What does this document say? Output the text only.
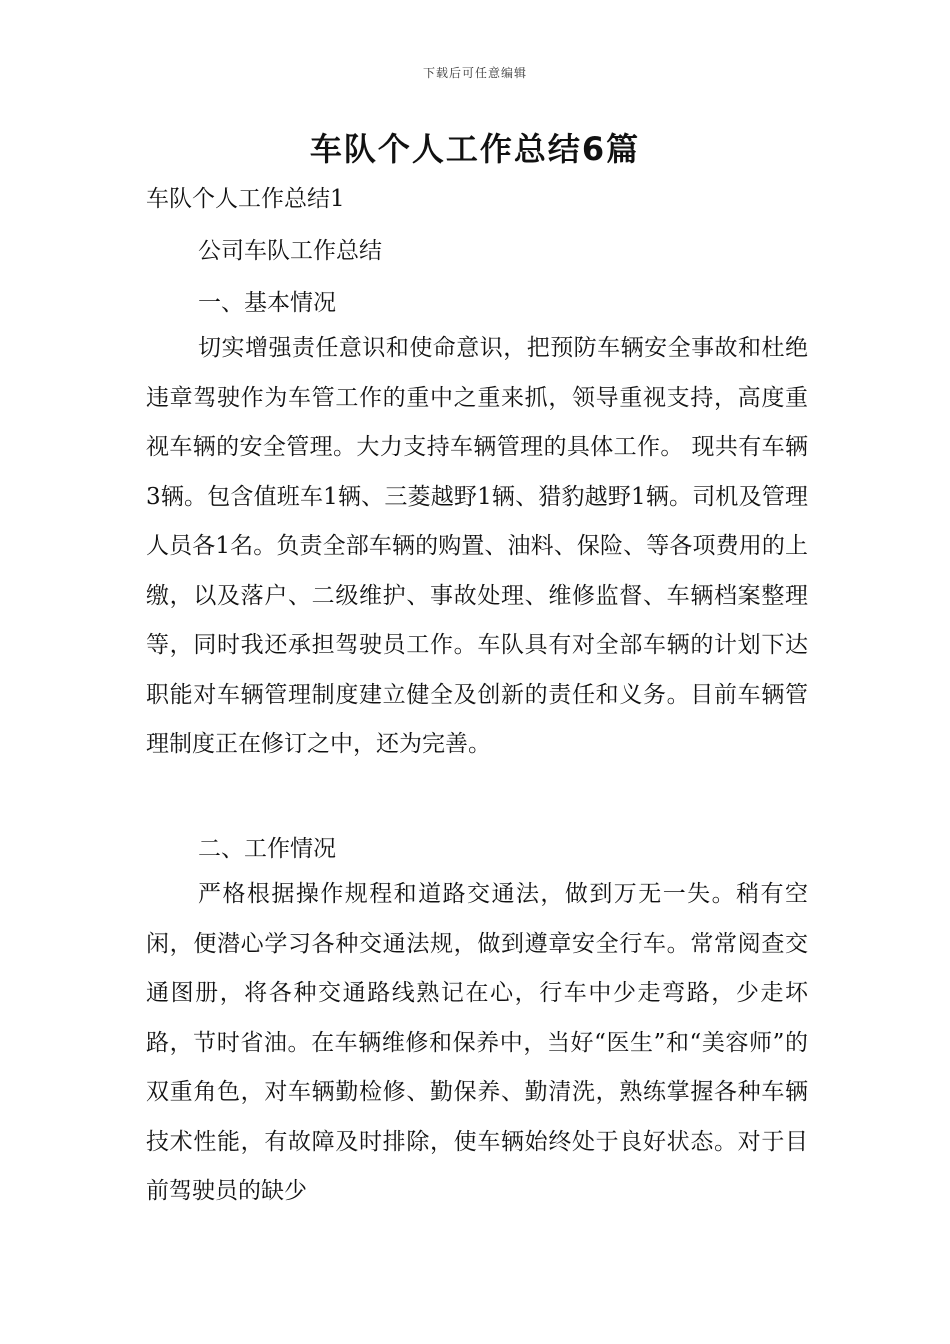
下载后可任意编辑
车队个人工作总结6篇

车队个人工作总结1

公司车队工作总结

一、基本情况

切实增强责任意识和使命意识，把预防车辆安全事故和杜绝违章驾驶作为车管工作的重中之重来抓，领导重视支持，高度重视车辆的安全管理。大力支持车辆管理的具体工作。 现共有车辆3辆。包含值班车1辆、三菱越野1辆、猎豹越野1辆。司机及管理人员各1名。负责全部车辆的购置、油料、保险、等各项费用的上缴，以及落户、二级维护、事故处理、维修监督、车辆档案整理等，同时我还承担驾驶员工作。车队具有对全部车辆的计划下达职能对车辆管理制度建立健全及创新的责任和义务。目前车辆管理制度正在修订之中，还为完善。

二、工作情况

严格根据操作规程和道路交通法，做到万无一失。稍有空闲，便潜心学习各种交通法规，做到遵章安全行车。常常阅查交通图册，将各种交通路线熟记在心，行车中少走弯路，少走坏路，节时省油。在车辆维修和保养中，当好“医生”和“美容师”的双重角色，对车辆勤检修、勤保养、勤清洗，熟练掌握各种车辆技术性能，有故障及时排除，使车辆始终处于良好状态。对于目前驾驶员的缺少
